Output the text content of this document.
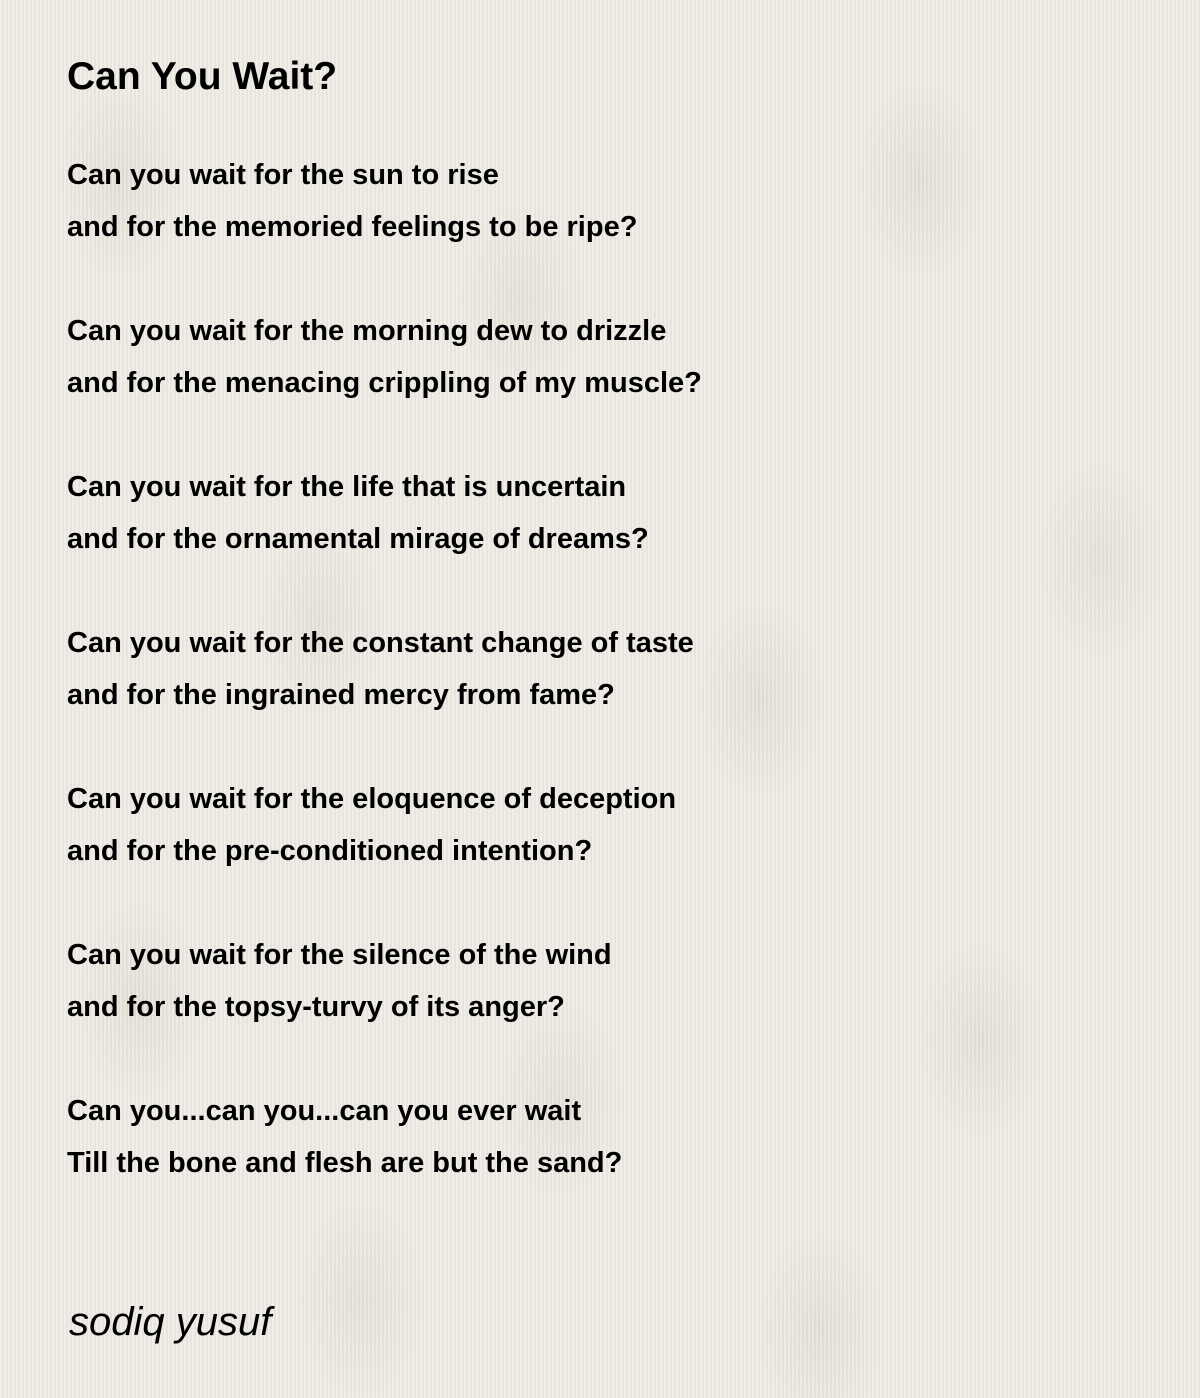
Can You Wait?
Can you wait for the sun to rise
and for the memoried feelings to be ripe?
Can you wait for the morning dew to drizzle
and for the menacing crippling of my muscle?
Can you wait for the life that is uncertain
and for the ornamental mirage of dreams?
Can you wait for the constant change of taste
and for the ingrained mercy from fame?
Can you wait for the eloquence of deception
and for the pre-conditioned intention?
Can you wait for the silence of the wind
and for the topsy-turvy of its anger?
Can you...can you...can you ever wait
Till the bone and flesh are but the sand?

sodiq yusuf
